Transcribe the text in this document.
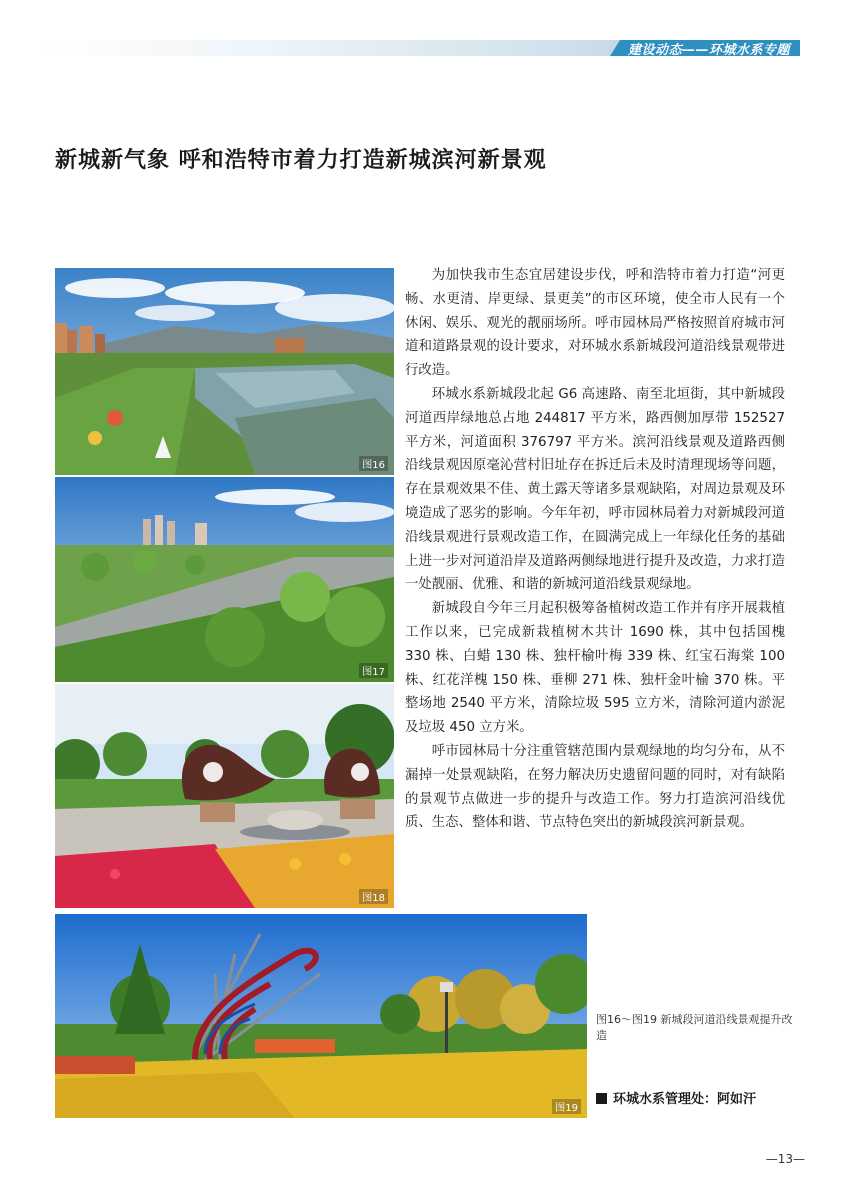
建设动态——环城水系专题
新城新气象 呼和浩特市着力打造新城滨河新景观
图16
图17
图18
图19

为加快我市生态宜居建设步伐，呼和浩特市着力打造“河更畅、水更清、岸更绿、景更美”的市区环境，使全市人民有一个休闲、娱乐、观光的靓丽场所。呼市园林局严格按照首府城市河道和道路景观的设计要求，对环城水系新城段河道沿线景观带进行改造。

环城水系新城段北起 G6 高速路、南至北垣街，其中新城段河道西岸绿地总占地 244817 平方米，路西侧加厚带 152527 平方米，河道面积 376797 平方米。滨河沿线景观及道路西侧沿线景观因原毫沁营村旧址存在拆迁后未及时清理现场等问题，存在景观效果不佳、黄土露天等诸多景观缺陷，对周边景观及环境造成了恶劣的影响。今年年初，呼市园林局着力对新城段河道沿线景观进行景观改造工作，在圆满完成上一年绿化任务的基础上进一步对河道沿岸及道路两侧绿地进行提升及改造，力求打造一处靓丽、优雅、和谐的新城河道沿线景观绿地。

新城段自今年三月起积极筹备植树改造工作并有序开展栽植工作以来，已完成新栽植树木共计 1690 株，其中包括国槐 330 株、白蜡 130 株、独杆榆叶梅 339 株、红宝石海棠 100 株、红花洋槐 150 株、垂柳 271 株、独杆金叶榆 370 株。平整场地 2540 平方米，清除垃圾 595 立方米，清除河道内淤泥及垃圾 450 立方米。

呼市园林局十分注重管辖范围内景观绿地的均匀分布，从不漏掉一处景观缺陷，在努力解决历史遗留问题的同时，对有缺陷的景观节点做进一步的提升与改造工作。努力打造滨河沿线优质、生态、整体和谐、节点特色突出的新城段滨河新景观。

图16～图19 新城段河道沿线景观提升改造
环城水系管理处：阿如汗
—13—
